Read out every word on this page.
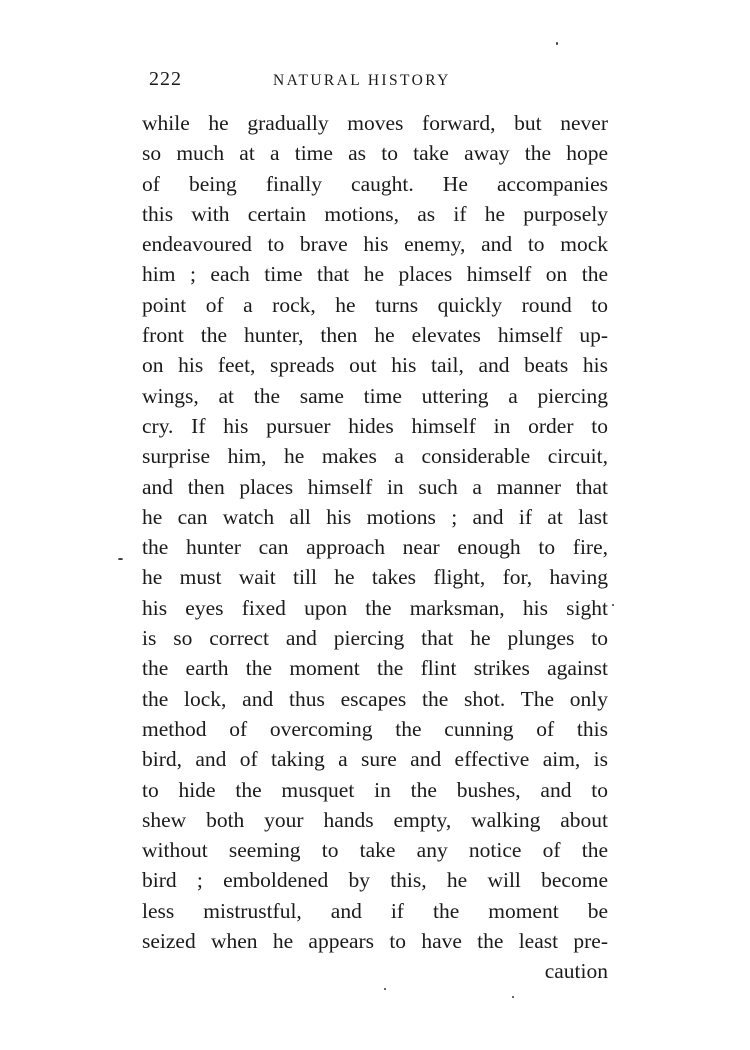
222	NATURAL HISTORY
while he gradually moves forward, but never
so much at a time as to take away the hope
of being finally caught. He accompanies
this with certain motions, as if he purposely
endeavoured to brave his enemy, and to mock
him ; each time that he places himself on the
point of a rock, he turns quickly round to
front the hunter, then he elevates himself up-
on his feet, spreads out his tail, and beats his
wings, at the same time uttering a piercing
cry. If his pursuer hides himself in order to
surprise him, he makes a considerable circuit,
and then places himself in such a manner that
he can watch all his motions ; and if at last
the hunter can approach near enough to fire,
he must wait till he takes flight, for, having
his eyes fixed upon the marksman, his sight
is so correct and piercing that he plunges to
the earth the moment the flint strikes against
the lock, and thus escapes the shot. The only
method of overcoming the cunning of this
bird, and of taking a sure and effective aim, is
to hide the musquet in the bushes, and to
shew both your hands empty, walking about
without seeming to take any notice of the
bird ; emboldened by this, he will become
less mistrustful, and if the moment be
seized when he appears to have the least pre-
caution
